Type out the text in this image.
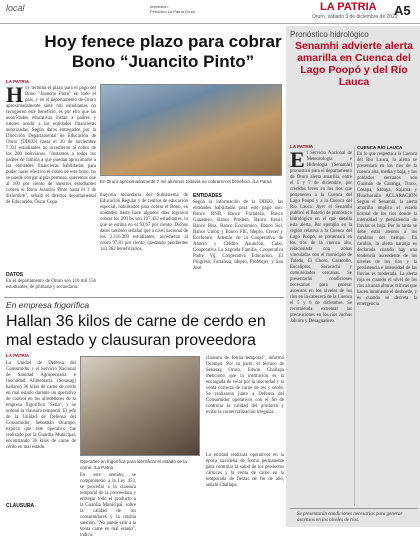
local	Impresión:
Periódico La Patria Oruro	LA PATRIA
Oruro, sábado 3 de diciembre de 2022
A5
Hoy fenece plazo para cobrar Bono “Juancito Pinto”
LA PATRIA
Hoy termina el plazo para el pago del Bono "Juancito Pinto" en todo el país, y en el departamento de Oruro aproximadamente siete mil estudiantes no recogieron este beneficio, es por ello que las autoridades educativas instan a padres y tutores acudir a las entidades financieras autorizadas. Según datos entregados por la Dirección Departamental de Educación de Oruro (DDEO) hasta el 30 de noviembre 7.331 estudiantes no accedieron al cobro de los 200 bolivianos. "Instamos a todos los padres de familia a que puedan aproximarse a las entidades financieras habilitadas para poder hacer efectivo el cobro de este bono, no se puede otorgar algún permiso, queremos que al 100 por ciento de nuestros estudiantes cobren el Bono Juancito Pinto hasta el 3 de diciembre", señaló el director departamental de Educación, Óscar Copa.
DATOS
En el departamento de Oruro son 110 mil 156 estudiantes, de primaria y secundaria.
En Oruro aproximadamente 7 mil alumnos todavía no cobraron el beneficio. /La Patria
mayoría secundaria del Subsistema de Educación Regular y de centros de educación especial, habilitados para cobrar el Bono, en unidades hasta hace algunos días lograron cobrar los 200 bs son 107.432 estudiantes, lo que se estima en el 93,67 por ciento. Dichos datos también señalan que a nivel nacional de los 2.316.369 estudiantes, accedieron al cobro 97,81 por ciento, quedando pendientes 143.362 beneficiarios.
ENTIDADES
Según la información de la DDEO, las entidades habilitadas para este pago son: Banco BNB, Banco Fortaleza, Banco Ganadero, Banco Prodem, Banco Fassil, Banco Bisa, Banco Económico, Banco Sol, Banco Unión y Banco FIE, Idepro, Crecer y Ecofuturo. Además de la Cooperativa de Ahorro y Crédito Asunción, Cabo, Cooperativa La Sagrada Familia, Cooperativa Padre Vij, Cooperativa Educación, El Progreso, Fortaleza, Idepro, ProMujer, y San José.
En empresa frigorífica
Hallan 36 kilos de carne de cerdo en mal estado y clausuran proveedora
LA PATRIA
La Unidad de Defensa del Consumidor y el Servicio Nacional de Sanidad Agropecuaria e Inocuidad Alimentaria (Senasag) hallaron 36 kilos de carne de cerdo en mal estado durante un operativo de control en los alrededores de la empresa frigorífica "Sella", y se ordenó la clausura temporal. El jefe de la Unidad de Defensa del Consumidor, Sebastián Ocampo, explicó que este operativo fue realizado por la Guardia Municipal, encontrando 36 kilos de carne de cerdo en mal estado.
CLAUSURA
Operativo en frigorífica para identificar el estado de la carne. /La Patria
En este sentido, se comprometió a la Ley 453, se procedió a la clausura temporal de la proveedora y entregar todo el producto a la Guardia Municipal, sobre la calidad de los consumidores y la misma sanción. "No puede salir a la venta carne en mal estado", indicó.
clausura de forma temporal", informó Ocampo. Por su parte, el técnico de Senasag Oruro, Edwin Challapa mencionó que la institución es la encargada de velar por la inocuidad y la venta correcta de carne de res y cerdo. Se realizaron junto a Defensa del Consumidor operativos con el fin de controlar la calidad del producto y evitar la comercialización irregular.
La entidad realizará operativos en la época navideña de forma permanente para controlar la salud de los productos cárnicos y la venta de carne en la temporada de fiestas de fin de año, señaló Challapa.
Pronóstico hidrológico
Senamhi advierte alerta amarilla en Cuenca del Lago Poopó y del Río Lauca
LA PATRIA
El Servicio Nacional de Meteorología e Hidrología (Senamhi) pronosticó para el departamento de Oruro alerta amarilla, entre el 5 y 7 de diciembre, por crecidas leves en los ríos que pertenecen a la Cuenca del Lago Poopó y a la Cuenca del Río Lauca. Ayer el Senamhi publicó el Boletín de pronóstico hidrológico en el que detalla esta alerta. Por ejemplo en la región relativa a la Cuenca del Lago Poopó, se presentará en los ríos de la cuenca alta, relacionada con zonas vinculadas con el municipio de Toledo, El Choro, Caracollo, Eucaliptos, Soracachi y comunidades cercanas. Se presentarán condiciones necesarias para generar ascensos en los niveles de los ríos en la cabecera de la Cuenca el 5 y 6 de diciembre. Se recomienda extremar las precauciones en los ríos Juchus Jahuira y Desaguadero.
CUENCA RÍO LAUCA
En lo que respecta a la Cuenca del Río Lauca, la alerta se presentará en los ríos de la cuenca alta, media y baja, y los poblados cercanos son Guzmán de Caranga, Turco, Cosapa, Sabaya, Sajama y Huachacalla. ACLARACIÓN Según el Senamhi, la alerta amarilla implica el estado normal de los ríos donde la intensidad y persistencia de lluvias es baja. Por lo tanto se debe estar atentos a los cambios del tiempo. En cambio, la alerta naranja es declarada cuando hay una tendencia ascendente de los niveles de los ríos y la persistencia e intensidad de las lluvias es moderada. La alerta roja es cuando el nivel de los ríos alcanza alturas críticas que hacen inminente el desborde, y es cuando se decreta la emergencia.
Se presentarán condiciones necesarias para generar ascensos en los niveles de ríos.
